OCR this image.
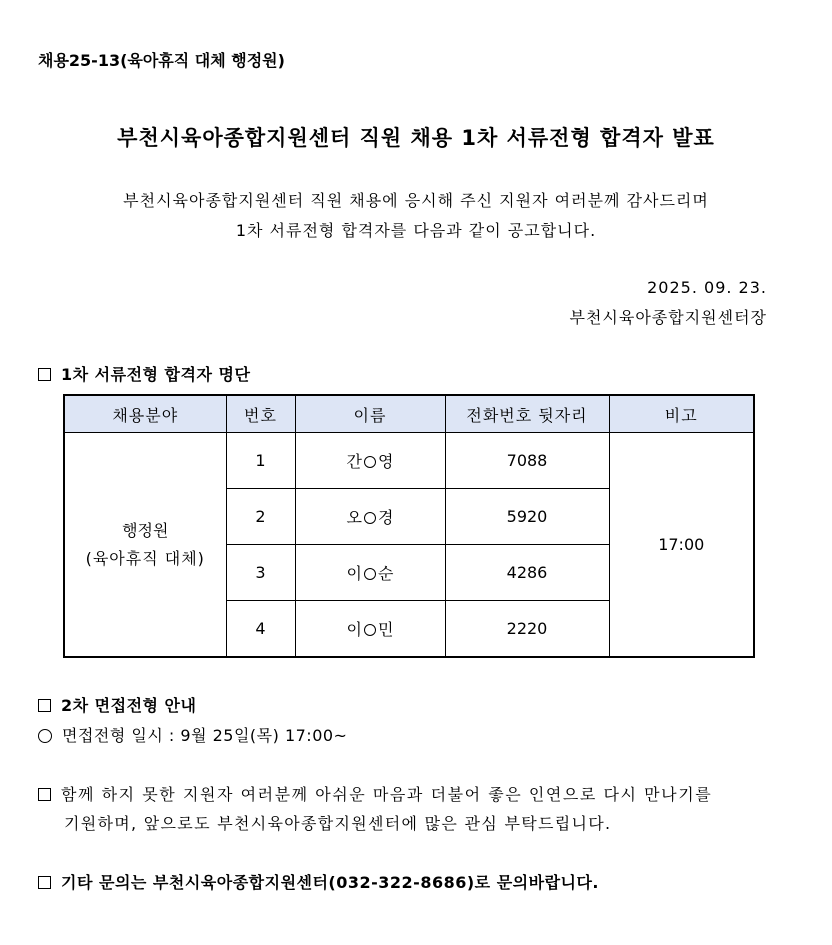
채용25-13(육아휴직 대체 행정원)
부천시육아종합지원센터 직원 채용 1차 서류전형 합격자 발표
부천시육아종합지원센터 직원 채용에 응시해 주신 지원자 여러분께 감사드리며
1차 서류전형 합격자를 다음과 같이 공고합니다.
2025. 09. 23.
부천시육아종합지원센터장
1차 서류전형 합격자 명단
채용분야	번호	이름	전화번호 뒷자리	비고

행정원
(육아휴직 대체)	1	간 영	7088	17:00
	2	오 경	5920	
	3	이 순	4286	
	4	이 민	2220	
2차 면접전형 안내
면접전형 일시 : 9월 25일(목) 17:00~
함께 하지 못한 지원자 여러분께 아쉬운 마음과 더불어 좋은 인연으로 다시 만나기를
기원하며, 앞으로도 부천시육아종합지원센터에 많은 관심 부탁드립니다.
기타 문의는 부천시육아종합지원센터(032-322-8686)로 문의바랍니다.
